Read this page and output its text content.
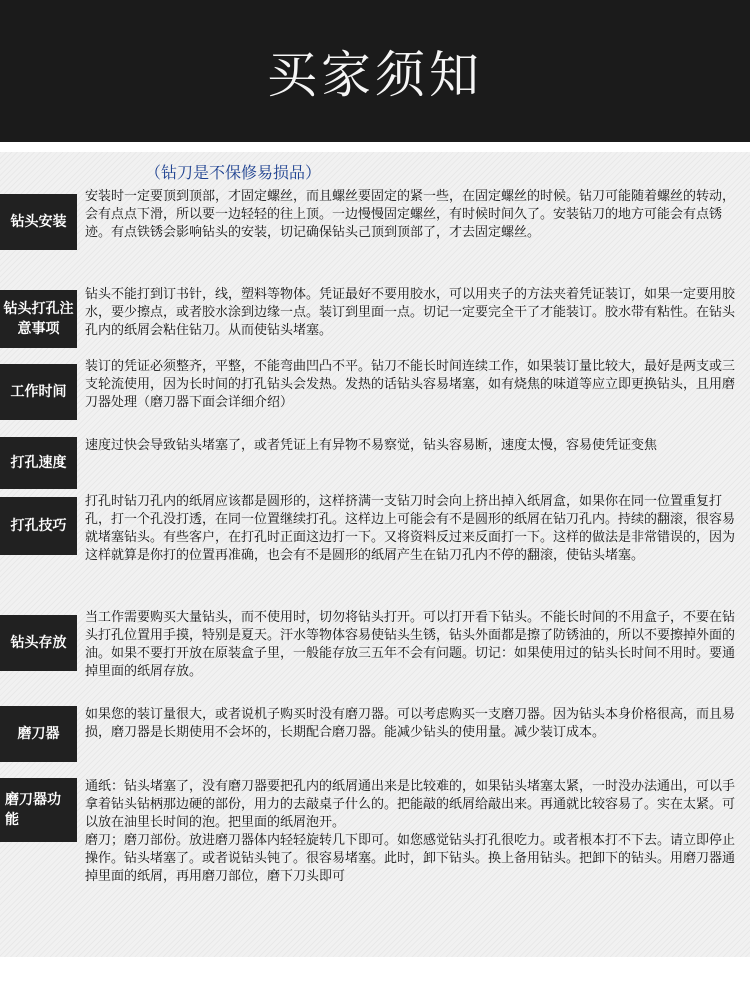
买家须知
（钻刀是不保修易损品）
钻头安装
安装时一定要顶到顶部，才固定螺丝，而且螺丝要固定的紧一些，在固定螺丝的时候。钻刀可能随着螺丝的转动，会有点点下滑，所以要一边轻轻的往上顶。一边慢慢固定螺丝，有时候时间久了。安装钻刀的地方可能会有点锈迹。有点铁锈会影响钻头的安装，切记确保钻头己顶到顶部了，才去固定螺丝。
钻头打孔注意事项
钻头不能打到订书针，线，塑料等物体。凭证最好不要用胶水，可以用夹子的方法夹着凭证装订，如果一定要用胶水，要少擦点，或者胶水涂到边缘一点。装订到里面一点。切记一定要完全干了才能装订。胶水带有粘性。在钻头孔内的纸屑会粘住钻刀。从而使钻头堵塞。
工作时间
装订的凭证必须整齐，平整，不能弯曲凹凸不平。钻刀不能长时间连续工作，如果装订量比较大，最好是两支或三支轮流使用，因为长时间的打孔钻头会发热。发热的话钻头容易堵塞，如有烧焦的味道等应立即更换钻头，且用磨刀器处理（磨刀器下面会详细介绍）
打孔速度
速度过快会导致钻头堵塞了，或者凭证上有异物不易察觉，钻头容易断，速度太慢，容易使凭证变焦
打孔技巧
打孔时钻刀孔内的纸屑应该都是圆形的，这样挤满一支钻刀时会向上挤出掉入纸屑盒，如果你在同一位置重复打孔，打一个孔没打透，在同一位置继续打孔。这样边上可能会有不是圆形的纸屑在钻刀孔内。持续的翻滚，很容易就堵塞钻头。有些客户，在打孔时正面这边打一下。又将资料反过来反面打一下。这样的做法是非常错误的，因为这样就算是你打的位置再准确，也会有不是圆形的纸屑产生在钻刀孔内不停的翻滚，使钻头堵塞。
钻头存放
当工作需要购买大量钻头，而不使用时，切勿将钻头打开。可以打开看下钻头。不能长时间的不用盒子，不要在钻头打孔位置用手摸，特别是夏天。汗水等物体容易使钻头生锈，钻头外面都是擦了防锈油的，所以不要擦掉外面的油。如果不要打开放在原装盒子里，一般能存放三五年不会有问题。切记：如果使用过的钻头长时间不用时。要通掉里面的纸屑存放。
磨刀器
如果您的装订量很大，或者说机子购买时没有磨刀器。可以考虑购买一支磨刀器。因为钻头本身价格很高，而且易损，磨刀器是长期使用不会坏的，长期配合磨刀器。能减少钻头的使用量。减少装订成本。
磨刀器功能
通纸：钻头堵塞了，没有磨刀器要把孔内的纸屑通出来是比较难的，如果钻头堵塞太紧，一时没办法通出，可以手拿着钻头钻柄那边硬的部份，用力的去敲桌子什么的。把能敲的纸屑给敲出来。再通就比较容易了。实在太紧。可以放在油里长时间的泡。把里面的纸屑泡开。
磨刀；磨刀部份。放进磨刀器体内轻轻旋转几下即可。如您感觉钻头打孔很吃力。或者根本打不下去。请立即停止操作。钻头堵塞了。或者说钻头钝了。很容易堵塞。此时，卸下钻头。换上备用钻头。把卸下的钻头。用磨刀器通掉里面的纸屑，再用磨刀部位，磨下刀头即可
